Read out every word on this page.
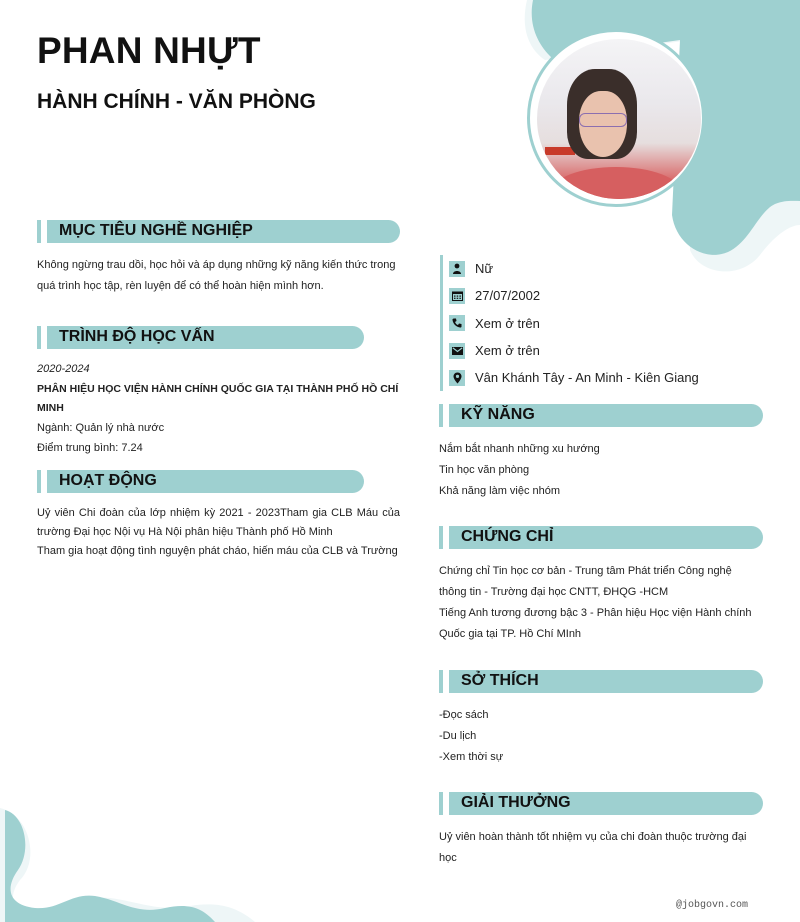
PHAN NHỰT
HÀNH CHÍNH - VĂN PHÒNG
MỤC TIÊU NGHỀ NGHIỆP

Không ngừng trau dồi, học hỏi và áp dụng những kỹ năng kiến thức trong quá trình học tập, rèn luyện để có thể hoàn hiện mình hơn.

TRÌNH ĐỘ HỌC VẤN

2020-2024

PHÂN HIỆU HỌC VIỆN HÀNH CHÍNH QUỐC GIA TẠI THÀNH PHỐ HỒ CHÍ MINH

Ngành: Quản lý nhà nước

Điểm trung bình: 7.24

HOẠT ĐỘNG

Uỷ viên Chi đoàn của lớp nhiệm kỳ 2021 - 2023Tham gia CLB Máu của trường Đại học Nội vụ Hà Nội phân hiệu Thành phố Hồ Minh

Tham gia hoạt động tình nguyện phát cháo, hiến máu của CLB và Trường

Nữ
27/07/2002
Xem ở trên
Xem ở trên
Vân Khánh Tây - An Minh - Kiên Giang
KỸ NĂNG

Nắm bắt nhanh những xu hướng

Tin học văn phòng

Khả năng làm việc nhóm

CHỨNG CHỈ

Chứng chỉ Tin học cơ bản - Trung tâm Phát triển Công nghệ thông tin - Trường đại học CNTT, ĐHQG -HCM

Tiếng Anh tương đương bậc 3 - Phân hiệu Học viện Hành chính Quốc gia tại TP. Hồ Chí MInh

SỞ THÍCH

-Đọc sách

-Du lịch

-Xem thời sự

GIẢI THƯỞNG

Uỷ viên hoàn thành tốt nhiệm vụ của chi đoàn thuộc trường đại học

@jobgovn.com
